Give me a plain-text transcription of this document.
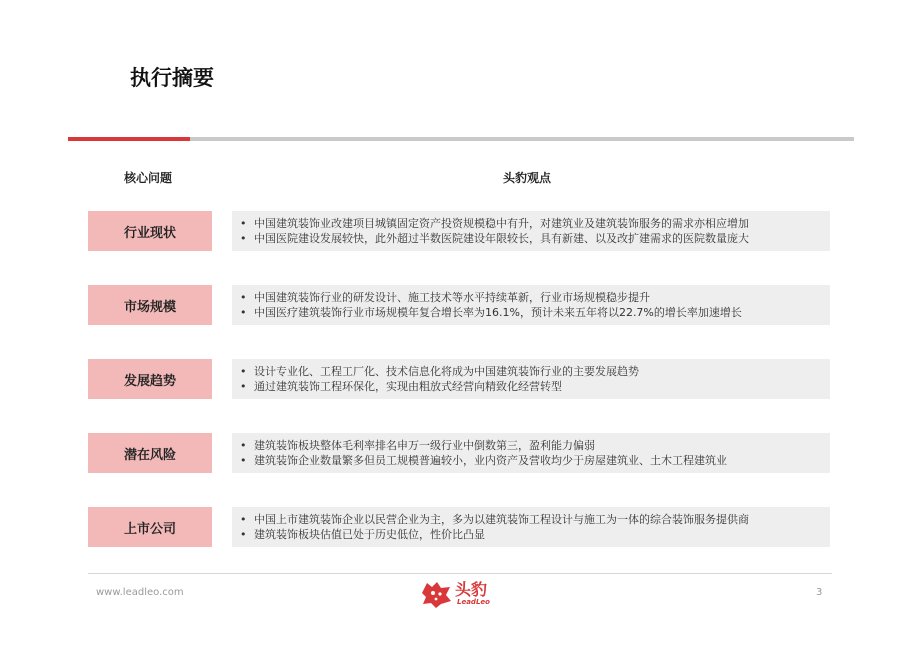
执行摘要
核心问题	头豹观点
行业现状
• 中国建筑装饰业改建项目城镇固定资产投资规模稳中有升，对建筑业及建筑装饰服务的需求亦相应增加
• 中国医院建设发展较快，此外超过半数医院建设年限较长，具有新建、以及改扩建需求的医院数量庞大
市场规模
• 中国建筑装饰行业的研发设计、施工技术等水平持续革新，行业市场规模稳步提升
• 中国医疗建筑装饰行业市场规模年复合增长率为16.1%，预计未来五年将以22.7%的增长率加速增长
发展趋势
• 设计专业化、工程工厂化、技术信息化将成为中国建筑装饰行业的主要发展趋势
• 通过建筑装饰工程环保化，实现由粗放式经营向精致化经营转型
潜在风险
• 建筑装饰板块整体毛利率排名申万一级行业中倒数第三，盈利能力偏弱
• 建筑装饰企业数量繁多但员工规模普遍较小，业内资产及营收均少于房屋建筑业、土木工程建筑业
上市公司
• 中国上市建筑装饰企业以民营企业为主，多为以建筑装饰工程设计与施工为一体的综合装饰服务提供商
• 建筑装饰板块估值已处于历史低位，性价比凸显
www.leadleo.com	头豹
LeadLeo
3
